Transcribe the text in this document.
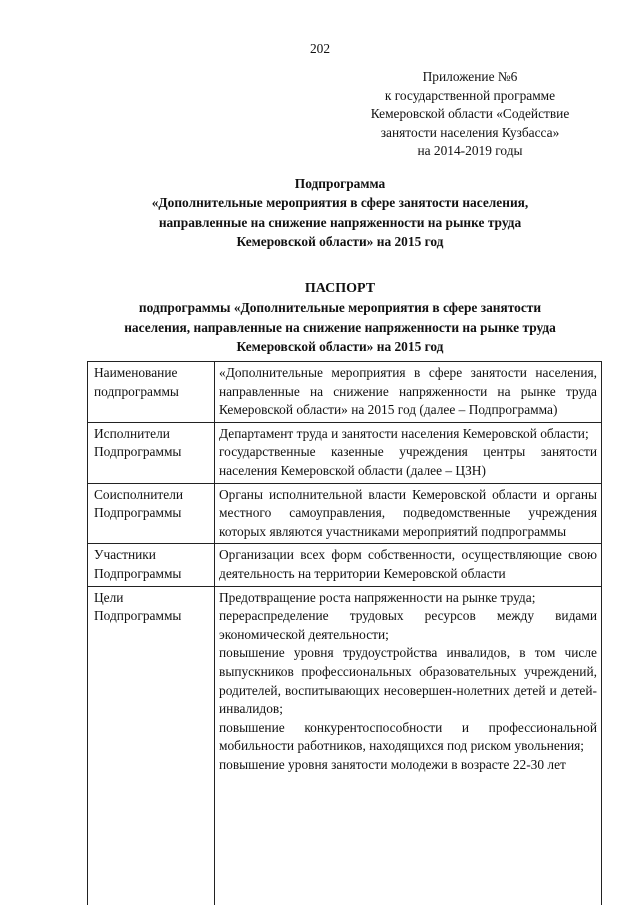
202
Приложение №6
к государственной программе
Кемеровской области «Содействие
занятости населения Кузбасса»
на 2014-2019 годы
Подпрограмма
«Дополнительные мероприятия в сфере занятости населения,
направленные на снижение напряженности на рынке труда
Кемеровской области» на 2015 год
ПАСПОРТ
подпрограммы «Дополнительные мероприятия в сфере занятости
населения, направленные на снижение напряженности на рынке труда
Кемеровской области» на 2015 год
Наименование подпрограммы	«Дополнительные мероприятия в сфере занятости населения, направленные на снижение напряженности на рынке труда Кемеровской области» на 2015 год (далее – Подпрограмма)

Исполнители Подпрограммы	Департамент труда и занятости населения Кемеровской области;
государственные казенные учреждения центры занятости населения Кемеровской области (далее – ЦЗН)

Соисполнители Подпрограммы	Органы исполнительной власти Кемеровской области и органы местного самоуправления, подведомственные учреждения которых являются участниками мероприятий подпрограммы

Участники Подпрограммы	Организации всех форм собственности, осуществляющие свою деятельность на территории Кемеровской области

Цели Подпрограммы	Предотвращение роста напряженности на рынке труда;
перераспределение трудовых ресурсов между видами экономической деятельности;
повышение уровня трудоустройства инвалидов, в том числе выпускников профессиональных образовательных учреждений, родителей, воспитывающих несовершен-нолетних детей и детей-инвалидов;
повышение конкурентоспособности и профессиональной мобильности работников, находящихся под риском увольнения;
повышение уровня занятости молодежи в возрасте 22-30 лет
